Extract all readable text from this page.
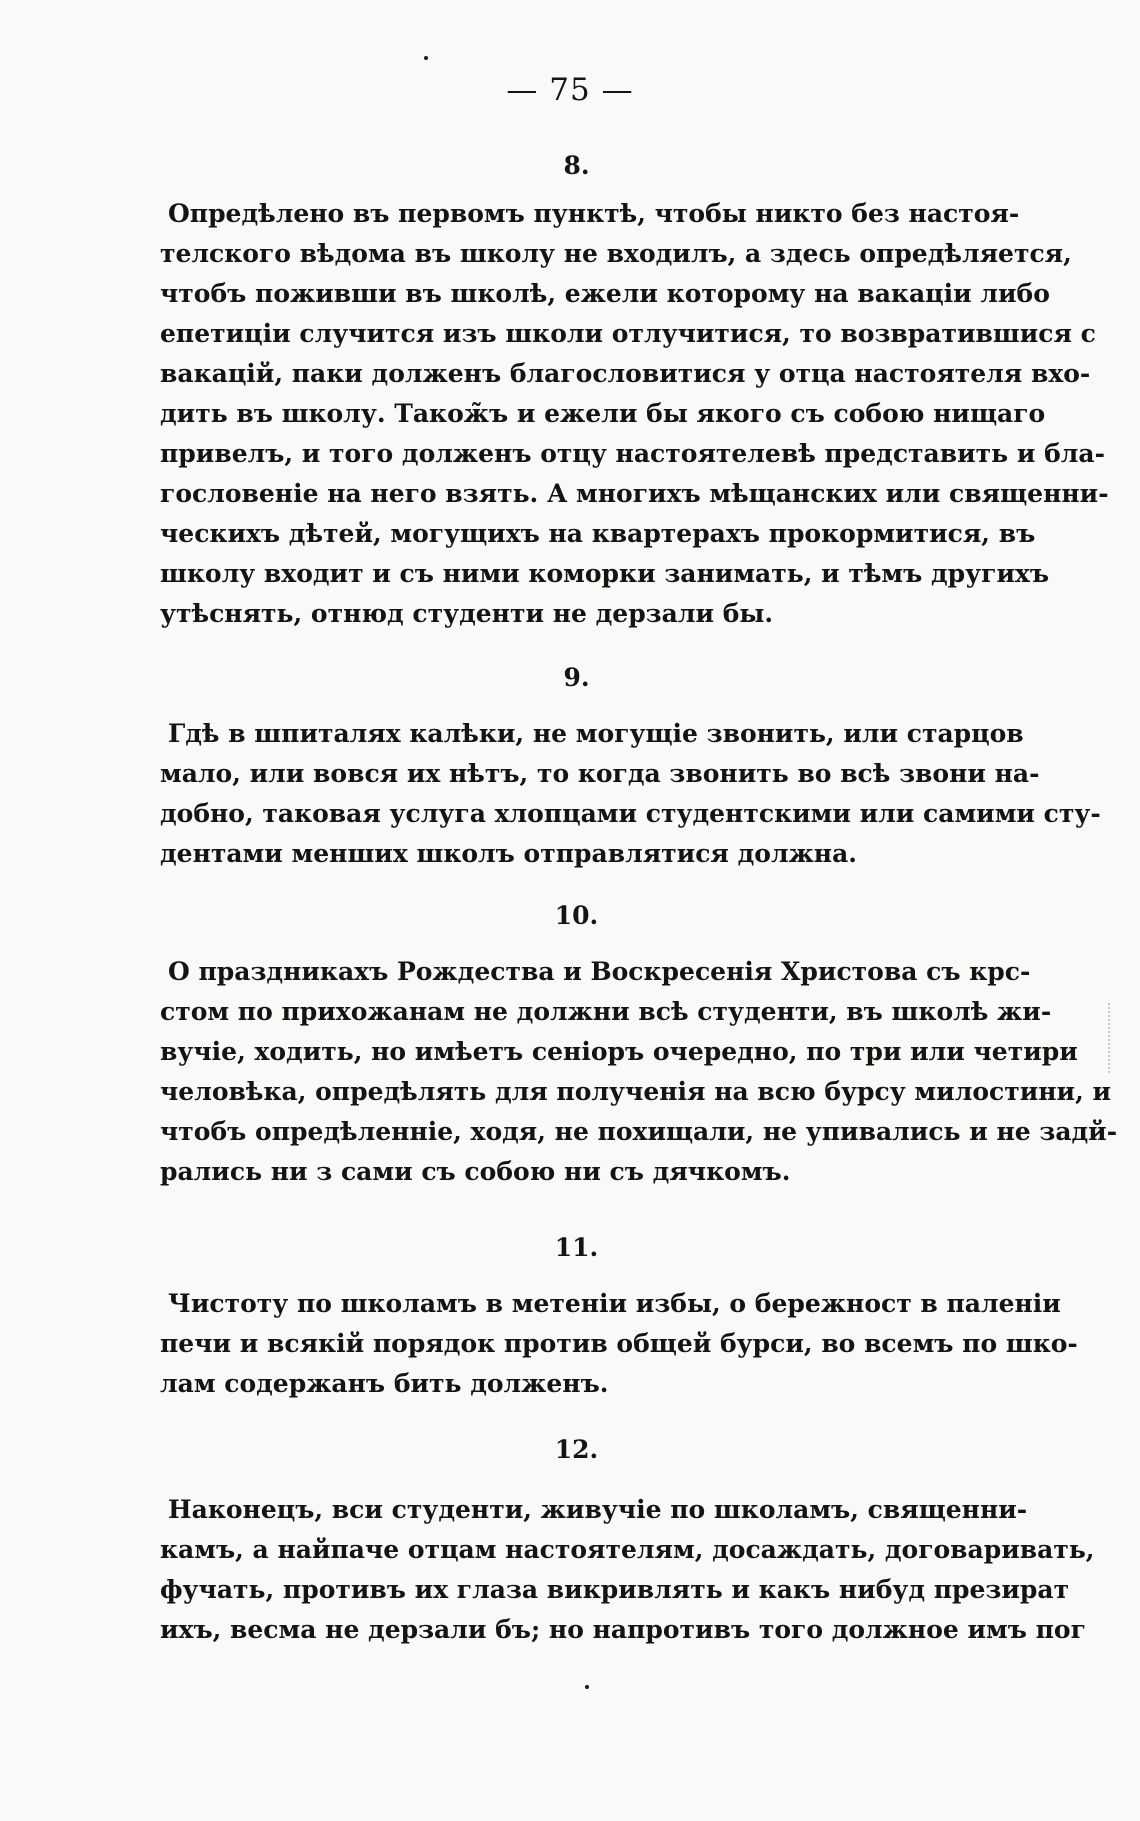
— 75 —
8.
Опредѣлено въ первомъ пунктѣ, чтобы никто без настоя-
телского вѣдома въ школу не входилъ, а здесь опредѣляется,
чтобъ поживши въ школѣ, ежели которому на вакаціи либо
епетиціи случится изъ школи отлучитися, то возвратившися с
вакацій, паки долженъ благословитися у отца настоятеля вхо-
дить въ школу. Також̃ъ и ежели бы якого съ собою нищаго
привелъ, и того долженъ отцу настоятелевѣ представить и бла-
гословеніе на него взять. А многихъ мѣщанских или священни-
ческихъ дѣтей, могущихъ на квартерахъ прокормитися, въ
школу входит и съ ними коморки занимать, и тѣмъ другихъ
утѣснять, отнюд студенти не дерзали бы.
9.
Гдѣ в шпиталях калѣки, не могущіе звонить, или старцов
мало, или вовся их нѣтъ, то когда звонить во всѣ звони на-
добно, таковая услуга хлопцами студентскими или самими сту-
дентами менших школъ отправлятися должна.
10.
О праздникахъ Рождества и Воскресенія Христова съ крс-
стом по прихожанам не должни всѣ студенти, въ школѣ жи-
вучіе, ходить, но имѣетъ сеніоръ очередно, по три или четири
человѣка, опредѣлять для полученія на всю бурсу милостини, и
чтобъ опредѣленніе, ходя, не похищали, не упивались и не задй-
рались ни з сами съ собою ни съ дячкомъ.
11.
Чистоту по школамъ в метеніи избы, о бережност в паленіи
печи и всякій порядок против общей бурси, во всемъ по шко-
лам содержанъ бить долженъ.
12.
Наконецъ, вси студенти, живучіе по школамъ, священни-
камъ, а найпаче отцам настоятелям, досаждать, договаривать,
фучать, противъ их глаза викривлять и какъ нибуд презират
ихъ, весма не дерзали бъ; но напротивъ того должное имъ пог
